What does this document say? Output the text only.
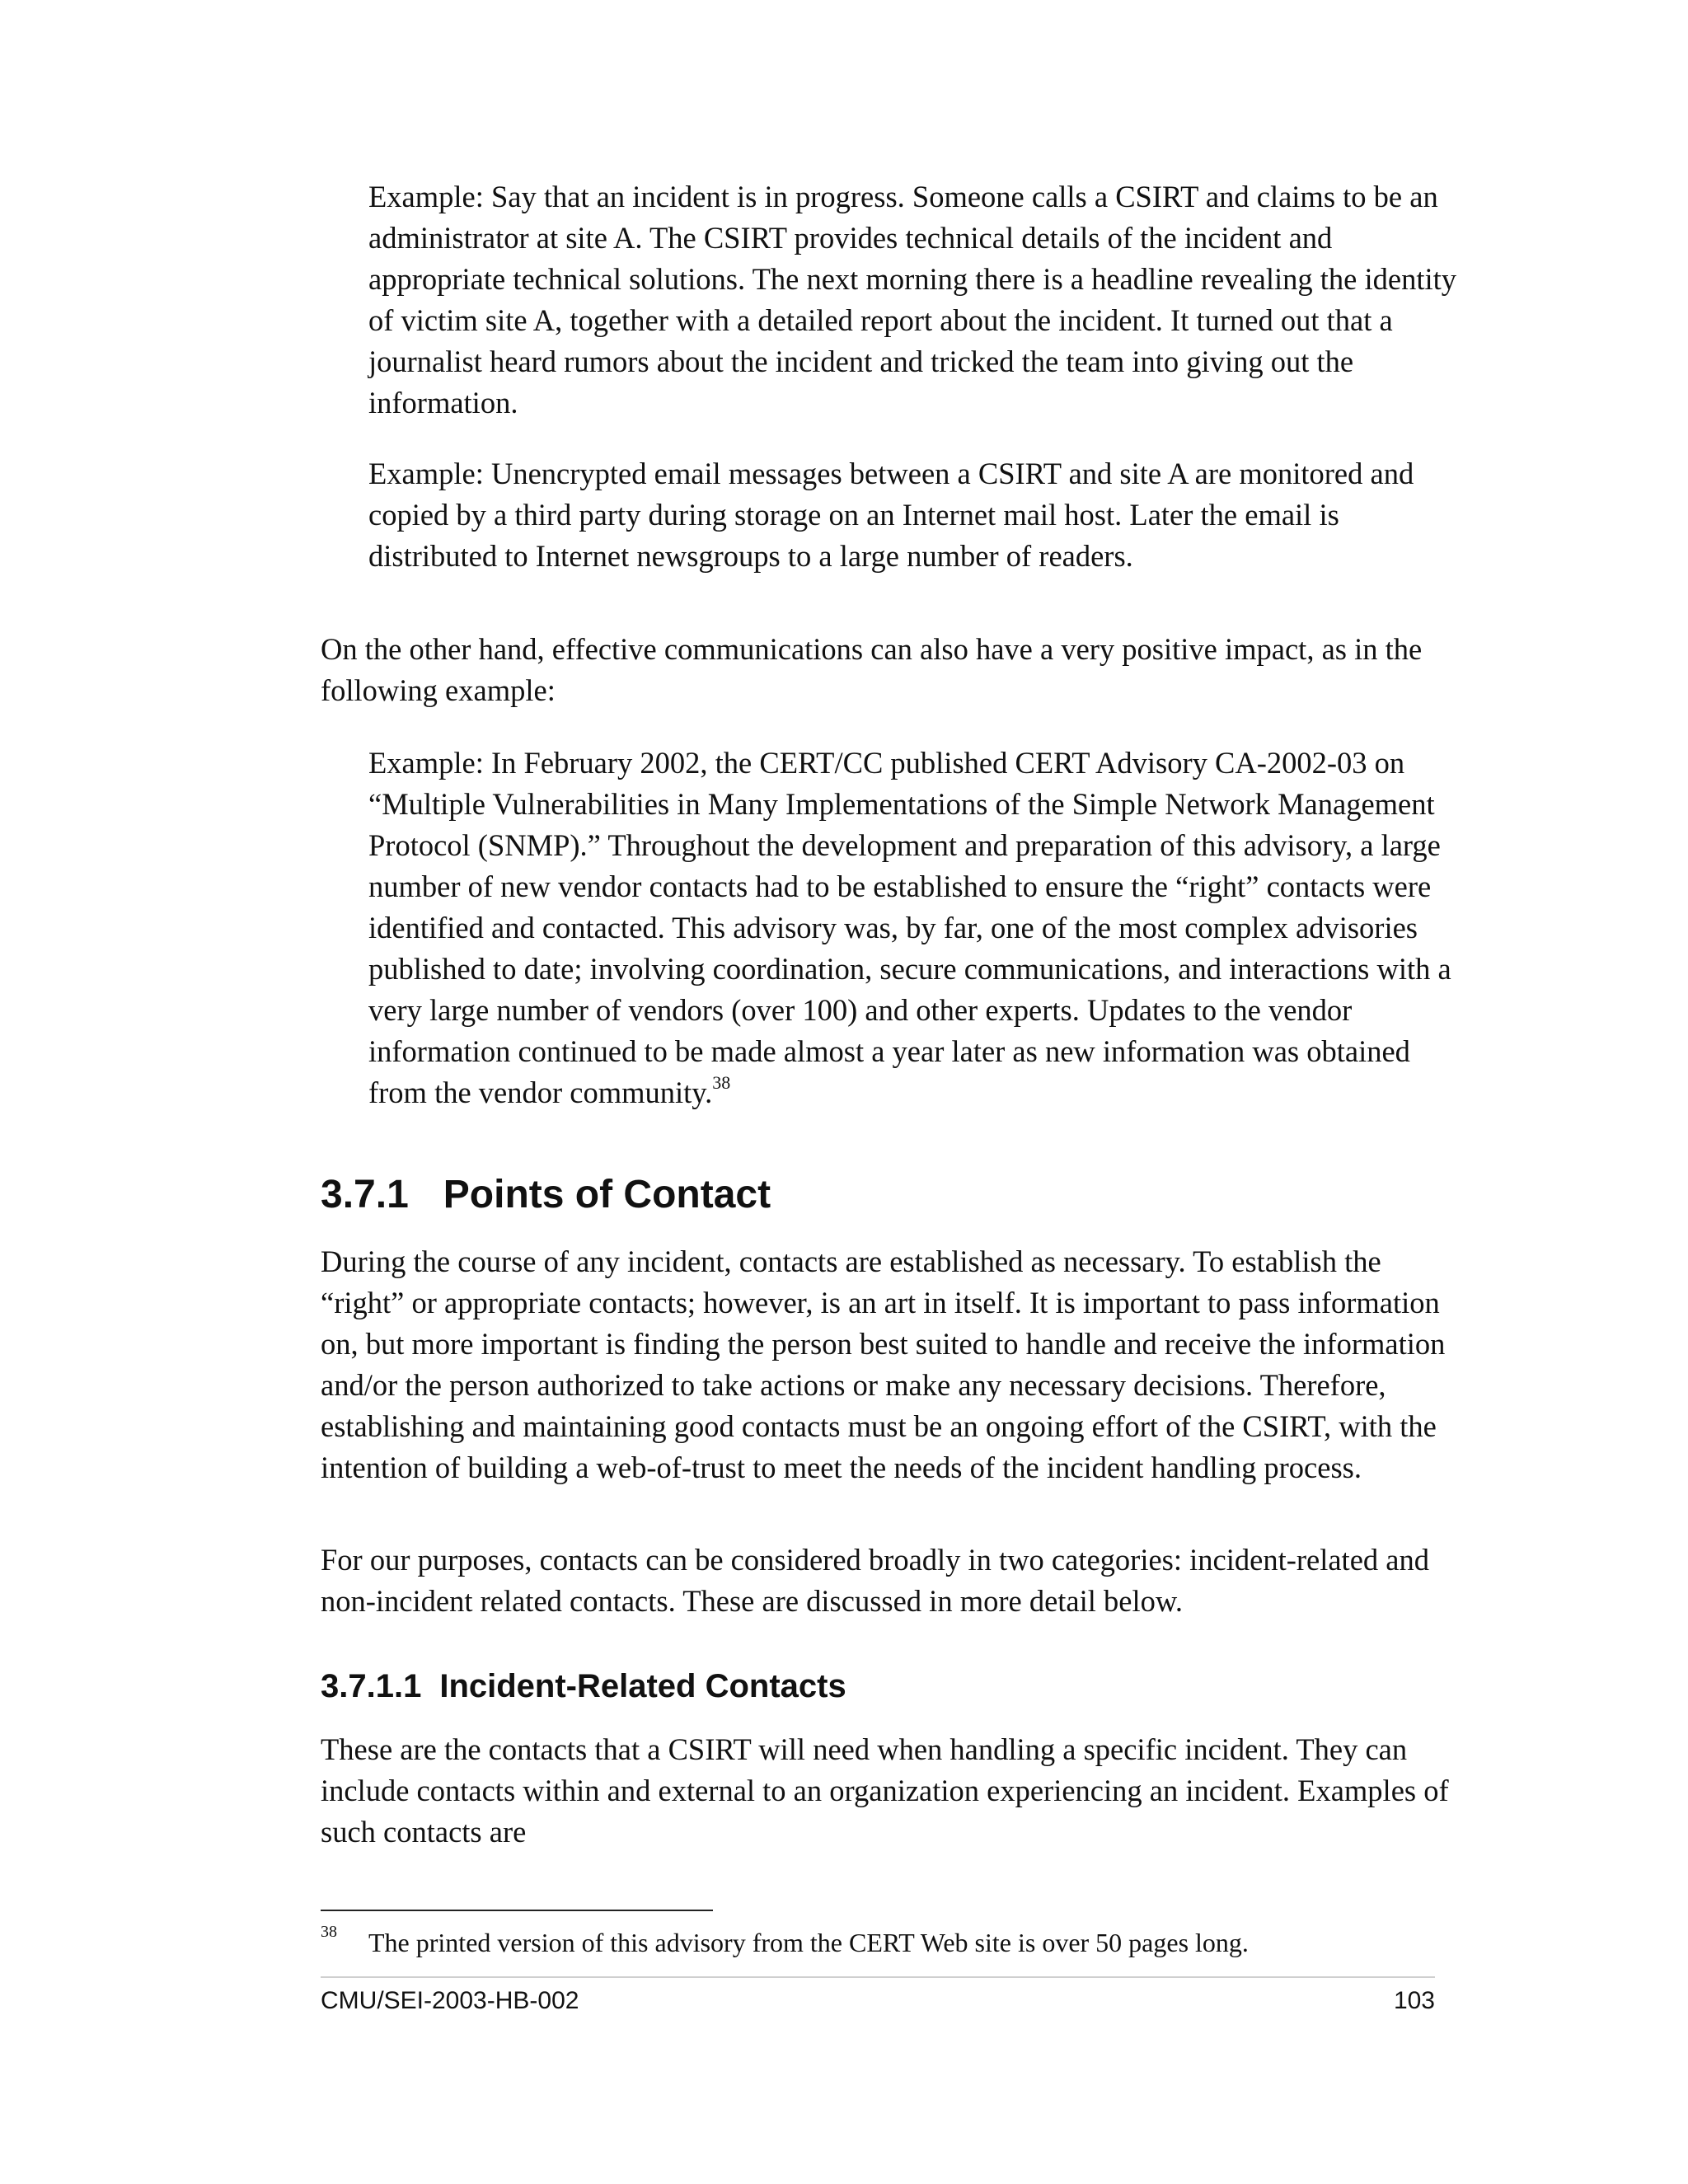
Example: Say that an incident is in progress. Someone calls a CSIRT and claims to be an administrator at site A. The CSIRT provides technical details of the incident and appropriate technical solutions. The next morning there is a headline revealing the identity of victim site A, together with a detailed report about the incident. It turned out that a journalist heard rumors about the incident and tricked the team into giving out the information.

Example: Unencrypted email messages between a CSIRT and site A are monitored and copied by a third party during storage on an Internet mail host. Later the email is distributed to Internet newsgroups to a large number of readers.

On the other hand, effective communications can also have a very positive impact, as in the following example:

Example: In February 2002, the CERT/CC published CERT Advisory CA-2002-03 on “Multiple Vulnerabilities in Many Implementations of the Simple Network Management Protocol (SNMP).” Throughout the development and preparation of this advisory, a large number of new vendor contacts had to be established to ensure the “right” contacts were identified and contacted. This advisory was, by far, one of the most complex advisories published to date; involving coordination, secure communications, and interactions with a very large number of vendors (over 100) and other experts. Updates to the vendor information continued to be made almost a year later as new information was obtained from the vendor community.$^{38}$

3.7.1 Points of Contact

During the course of any incident, contacts are established as necessary. To establish the “right” or appropriate contacts; however, is an art in itself. It is important to pass information on, but more important is finding the person best suited to handle and receive the information and/or the person authorized to take actions or make any necessary decisions. Therefore, establishing and maintaining good contacts must be an ongoing effort of the CSIRT, with the intention of building a web-of-trust to meet the needs of the incident handling process.

For our purposes, contacts can be considered broadly in two categories: incident-related and non-incident related contacts. These are discussed in more detail below.

3.7.1.1 Incident-Related Contacts

These are the contacts that a CSIRT will need when handling a specific incident. They can include contacts within and external to an organization experiencing an incident. Examples of such contacts are

38 The printed version of this advisory from the CERT Web site is over 50 pages long.
CMU/SEI-2003-HB-002	103
